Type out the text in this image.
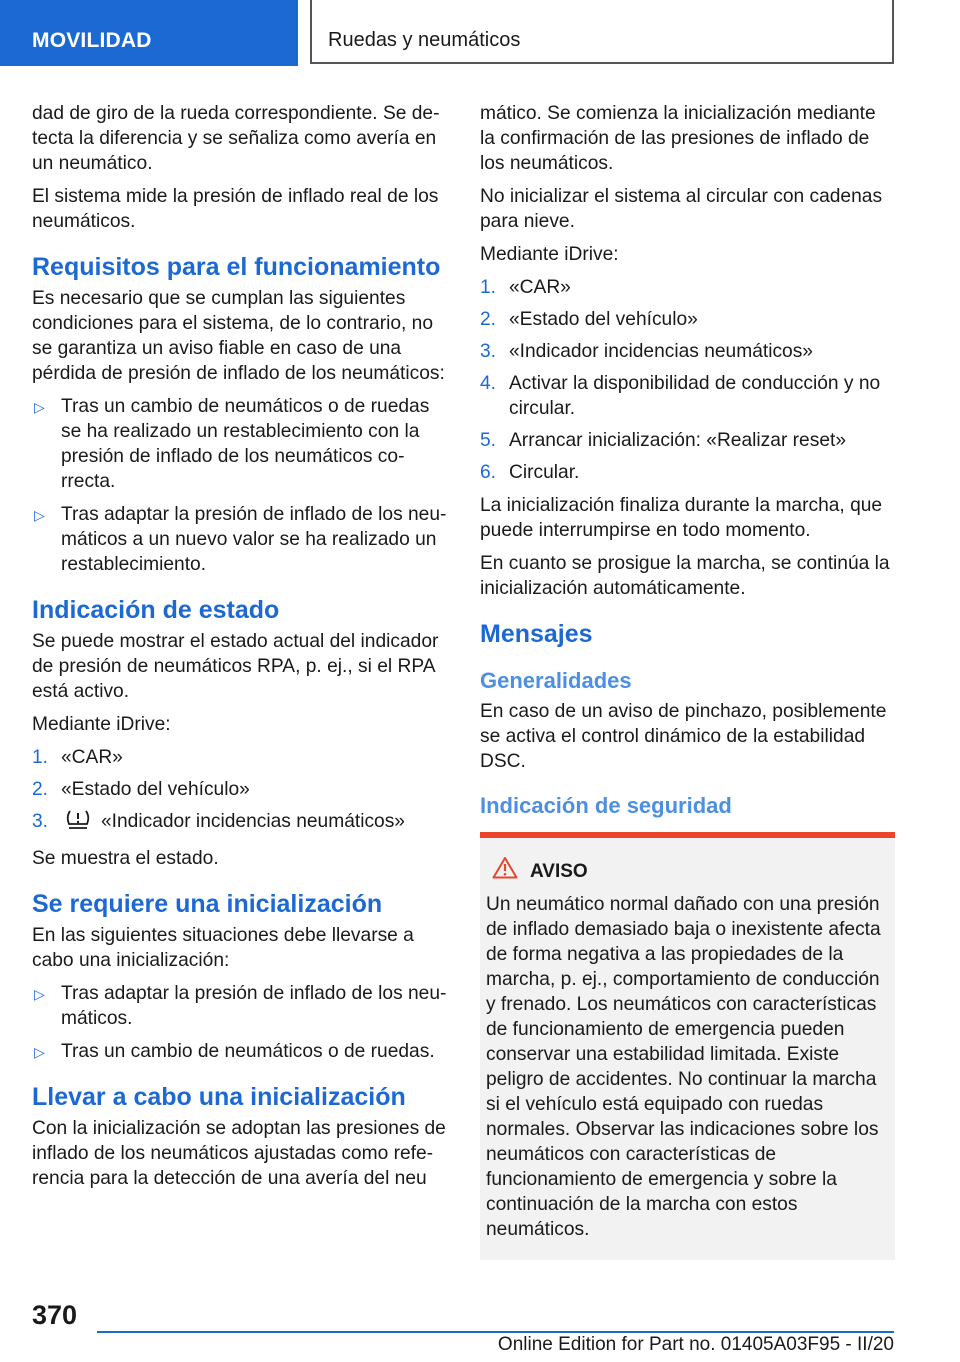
MOVILIDAD	Ruedas y neumáticos

dad de giro de la rueda correspondiente. Se detecta la diferencia y se señaliza como avería en un neumático.

El sistema mide la presión de inflado real de los neumáticos.

Requisitos para el funcionamiento

Es necesario que se cumplan las siguientes condiciones para el sistema, de lo contrario, no se garantiza un aviso fiable en caso de una pérdida de presión de inflado de los neumáticos:

▷ Tras un cambio de neumáticos o de ruedas se ha realizado un restablecimiento con la presión de inflado de los neumáticos correcta.
▷ Tras adaptar la presión de inflado de los neumáticos a un nuevo valor se ha realizado un restablecimiento.
Indicación de estado

Se puede mostrar el estado actual del indicador de presión de neumáticos RPA, p. ej., si el RPA está activo.

Mediante iDrive:

1. «CAR»
2. «Estado del vehículo»
3.	«Indicador incidencias neumáticos»

Se muestra el estado.

Se requiere una inicialización

En las siguientes situaciones debe llevarse a cabo una inicialización:

▷ Tras adaptar la presión de inflado de los neumáticos.
▷ Tras un cambio de neumáticos o de ruedas.
Llevar a cabo una inicialización

Con la inicialización se adoptan las presiones de inflado de los neumáticos ajustadas como referencia para la detección de una avería del neu

mático. Se comienza la inicialización mediante la confirmación de las presiones de inflado de los neumáticos.

No inicializar el sistema al circular con cadenas para nieve.

Mediante iDrive:

1. «CAR»
2. «Estado del vehículo»
3. «Indicador incidencias neumáticos»
4. Activar la disponibilidad de conducción y no circular.
5. Arrancar inicialización: «Realizar reset»
6. Circular.

La inicialización finaliza durante la marcha, que puede interrumpirse en todo momento.

En cuanto se prosigue la marcha, se continúa la inicialización automáticamente.

Mensajes
Generalidades

En caso de un aviso de pinchazo, posiblemente se activa el control dinámico de la estabilidad DSC.

Indicación de seguridad
AVISO

Un neumático normal dañado con una presión de inflado demasiado baja o inexistente afecta de forma negativa a las propiedades de la marcha, p. ej., comportamiento de conducción y frenado. Los neumáticos con características de funcionamiento de emergencia pueden conservar una estabilidad limitada. Existe peligro de accidentes. No continuar la marcha si el vehículo está equipado con ruedas normales. Observar las indicaciones sobre los neumáticos con características de funcionamiento de emergencia y sobre la continuación de la marcha con estos neumáticos.

370
Online Edition for Part no. 01405A03F95 - II/20
